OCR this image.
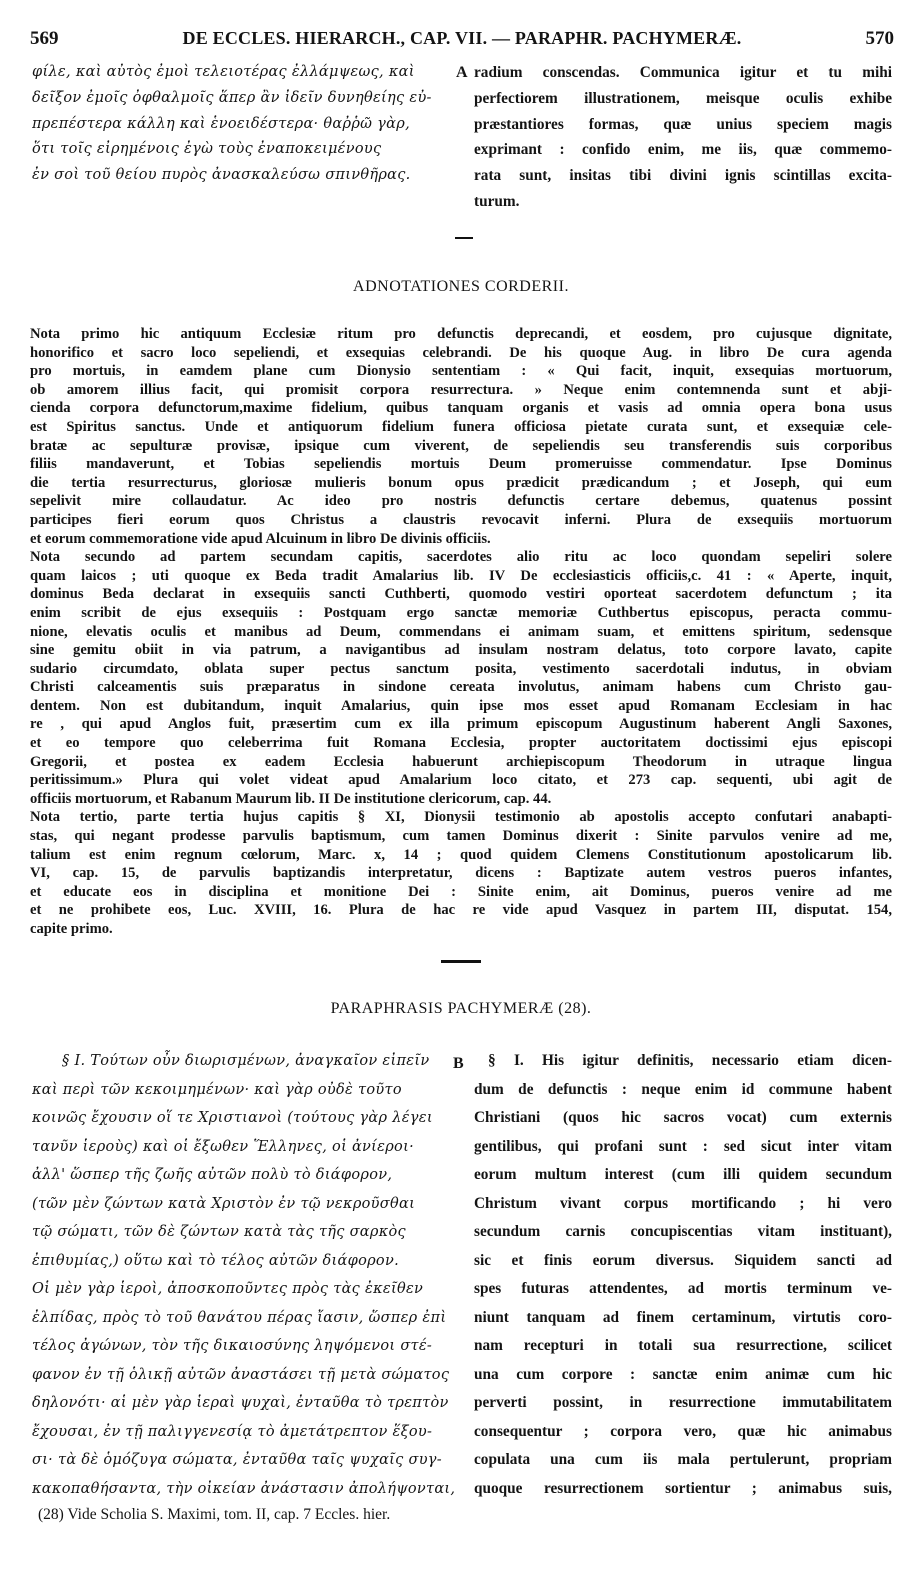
569	DE ECCLES. HIERARCH., CAP. VII. — PARAPHR. PACHYMERÆ.	570

φίλε, καὶ αὐτὸς ἐμοὶ τελειοτέρας ἐλλάμψεως, καὶ

δεῖξον ἐμοῖς ὀφθαλμοῖς ἅπερ ἂν ἰδεῖν δυνηθείης εὐ-

πρεπέστερα κάλλη καὶ ἑνοειδέστερα· θαῤῥῶ γὰρ,

ὅτι τοῖς εἰρημένοις ἐγὼ τοὺς ἐναποκειμένους

ἐν σοὶ τοῦ θείου πυρὸς ἀνασκαλεύσω σπινθῆρας.

A radium conscendas. Communica igitur et tu mihi

perfectiorem illustrationem, meisque oculis exhibe

præstantiores formas, quæ unius speciem magis

exprimant : confido enim, me iis, quæ commemo-

rata sunt, insitas tibi divini ignis scintillas excita-

turum.

ADNOTATIONES CORDERII.

Nota primo hic antiquum Ecclesiæ ritum pro defunctis deprecandi, et eosdem, pro cujusque dignitate,

honorifico et sacro loco sepeliendi, et exsequias celebrandi. De his quoque Aug. in libro De cura agenda

pro mortuis, in eamdem plane cum Dionysio sententiam : « Qui facit, inquit, exsequias mortuorum,

ob amorem illius facit, qui promisit corpora resurrectura. » Neque enim contemnenda sunt et abji-

cienda corpora defunctorum,maxime fidelium, quibus tanquam organis et vasis ad omnia opera bona usus

est Spiritus sanctus. Unde et antiquorum fidelium funera officiosa pietate curata sunt, et exsequiæ cele-

bratæ ac sepulturæ provisæ, ipsique cum viverent, de sepeliendis seu transferendis suis corporibus

filiis mandaverunt, et Tobias sepeliendis mortuis Deum promeruisse commendatur. Ipse Dominus

die tertia resurrecturus, gloriosæ mulieris bonum opus prædicit prædicandum ; et Joseph, qui eum

sepelivit mire collaudatur. Ac ideo pro nostris defunctis certare debemus, quatenus possint

participes fieri eorum quos Christus a claustris revocavit inferni. Plura de exsequiis mortuorum

et eorum commemoratione vide apud Alcuinum in libro De divinis officiis.

Nota secundo ad partem secundam capitis, sacerdotes alio ritu ac loco quondam sepeliri solere

quam laicos ; uti quoque ex Beda tradit Amalarius lib. IV De ecclesiasticis officiis,c. 41 : « Aperte, inquit,

dominus Beda declarat in exsequiis sancti Cuthberti, quomodo vestiri oporteat sacerdotem defunctum ; ita

enim scribit de ejus exsequiis : Postquam ergo sanctæ memoriæ Cuthbertus episcopus, peracta commu-

nione, elevatis oculis et manibus ad Deum, commendans ei animam suam, et emittens spiritum, sedensque

sine gemitu obiit in via patrum, a navigantibus ad insulam nostram delatus, toto corpore lavato, capite

sudario circumdato, oblata super pectus sanctum posita, vestimento sacerdotali indutus, in obviam

Christi calceamentis suis præparatus in sindone cereata involutus, animam habens cum Christo gau-

dentem. Non est dubitandum, inquit Amalarius, quin ipse mos esset apud Romanam Ecclesiam in hac

re , qui apud Anglos fuit, præsertim cum ex illa primum episcopum Augustinum haberent Angli Saxones,

et eo tempore quo celeberrima fuit Romana Ecclesia, propter auctoritatem doctissimi ejus episcopi

Gregorii, et postea ex eadem Ecclesia habuerunt archiepiscopum Theodorum in utraque lingua

peritissimum.» Plura qui volet videat apud Amalarium loco citato, et 273 cap. sequenti, ubi agit de

officiis mortuorum, et Rabanum Maurum lib. II De institutione clericorum, cap. 44.

Nota tertio, parte tertia hujus capitis § XI, Dionysii testimonio ab apostolis accepto confutari anabapti-

stas, qui negant prodesse parvulis baptismum, cum tamen Dominus dixerit : Sinite parvulos venire ad me,

talium est enim regnum cœlorum, Marc. x, 14 ; quod quidem Clemens Constitutionum apostolicarum lib.

VI, cap. 15, de parvulis baptizandis interpretatur, dicens : Baptizate autem vestros pueros infantes,

et educate eos in disciplina et monitione Dei : Sinite enim, ait Dominus, pueros venire ad me

et ne prohibete eos, Luc. XVIII, 16. Plura de hac re vide apud Vasquez in partem III, disputat. 154,

capite primo.

PARAPHRASIS PACHYMERÆ (28).

§ I. Τούτων οὖν διωρισμένων, ἀναγκαῖον εἰπεῖν

καὶ περὶ τῶν κεκοιμημένων· καὶ γὰρ οὐδὲ τοῦτο

κοινῶς ἔχουσιν οἵ τε Χριστιανοὶ (τούτους γὰρ λέγει

τανῦν ἱεροὺς) καὶ οἱ ἔξωθεν Ἕλληνες, οἱ ἀνίεροι·

ἀλλ' ὥσπερ τῆς ζωῆς αὐτῶν πολὺ τὸ διάφορον,

(τῶν μὲν ζώντων κατὰ Χριστὸν ἐν τῷ νεκροῦσθαι

τῷ σώματι, τῶν δὲ ζώντων κατὰ τὰς τῆς σαρκὸς

ἐπιθυμίας,) οὕτω καὶ τὸ τέλος αὐτῶν διάφορον.

Οἱ μὲν γὰρ ἱεροὶ, ἀποσκοποῦντες πρὸς τὰς ἐκεῖθεν

ἐλπίδας, πρὸς τὸ τοῦ θανάτου πέρας ἴασιν, ὥσπερ ἐπὶ

τέλος ἀγώνων, τὸν τῆς δικαιοσύνης ληψόμενοι στέ-

φανον ἐν τῇ ὁλικῇ αὐτῶν ἀναστάσει τῇ μετὰ σώματος

δηλονότι· αἱ μὲν γὰρ ἱεραὶ ψυχαὶ, ἐνταῦθα τὸ τρεπτὸν

ἔχουσαι, ἐν τῇ παλιγγενεσίᾳ τὸ ἀμετάτρεπτον ἕξου-

σι· τὰ δὲ ὁμόζυγα σώματα, ἐνταῦθα ταῖς ψυχαῖς συγ-

κακοπαθήσαντα, τὴν οἰκείαν ἀνάστασιν ἀπολήψονται,

B	§ I. His igitur definitis, necessario etiam dicen-

dum de defunctis : neque enim id commune habent

Christiani (quos hic sacros vocat) cum externis

gentilibus, qui profani sunt : sed sicut inter vitam

eorum multum interest (cum illi quidem secundum

Christum vivant corpus mortificando ; hi vero

secundum carnis concupiscentias vitam instituant),

sic et finis eorum diversus. Siquidem sancti ad

spes futuras attendentes, ad mortis terminum ve-

niunt tanquam ad finem certaminum, virtutis coro-

nam recepturi in totali sua resurrectione, scilicet

una cum corpore : sanctæ enim animæ cum hic

perverti possint, in resurrectione immutabilitatem

consequentur ; corpora vero, quæ hic animabus

copulata una cum iis mala pertulerunt, propriam

quoque resurrectionem sortientur ; animabus suis,

(28) Vide Scholia S. Maximi, tom. II, cap. 7 Eccles. hier.
